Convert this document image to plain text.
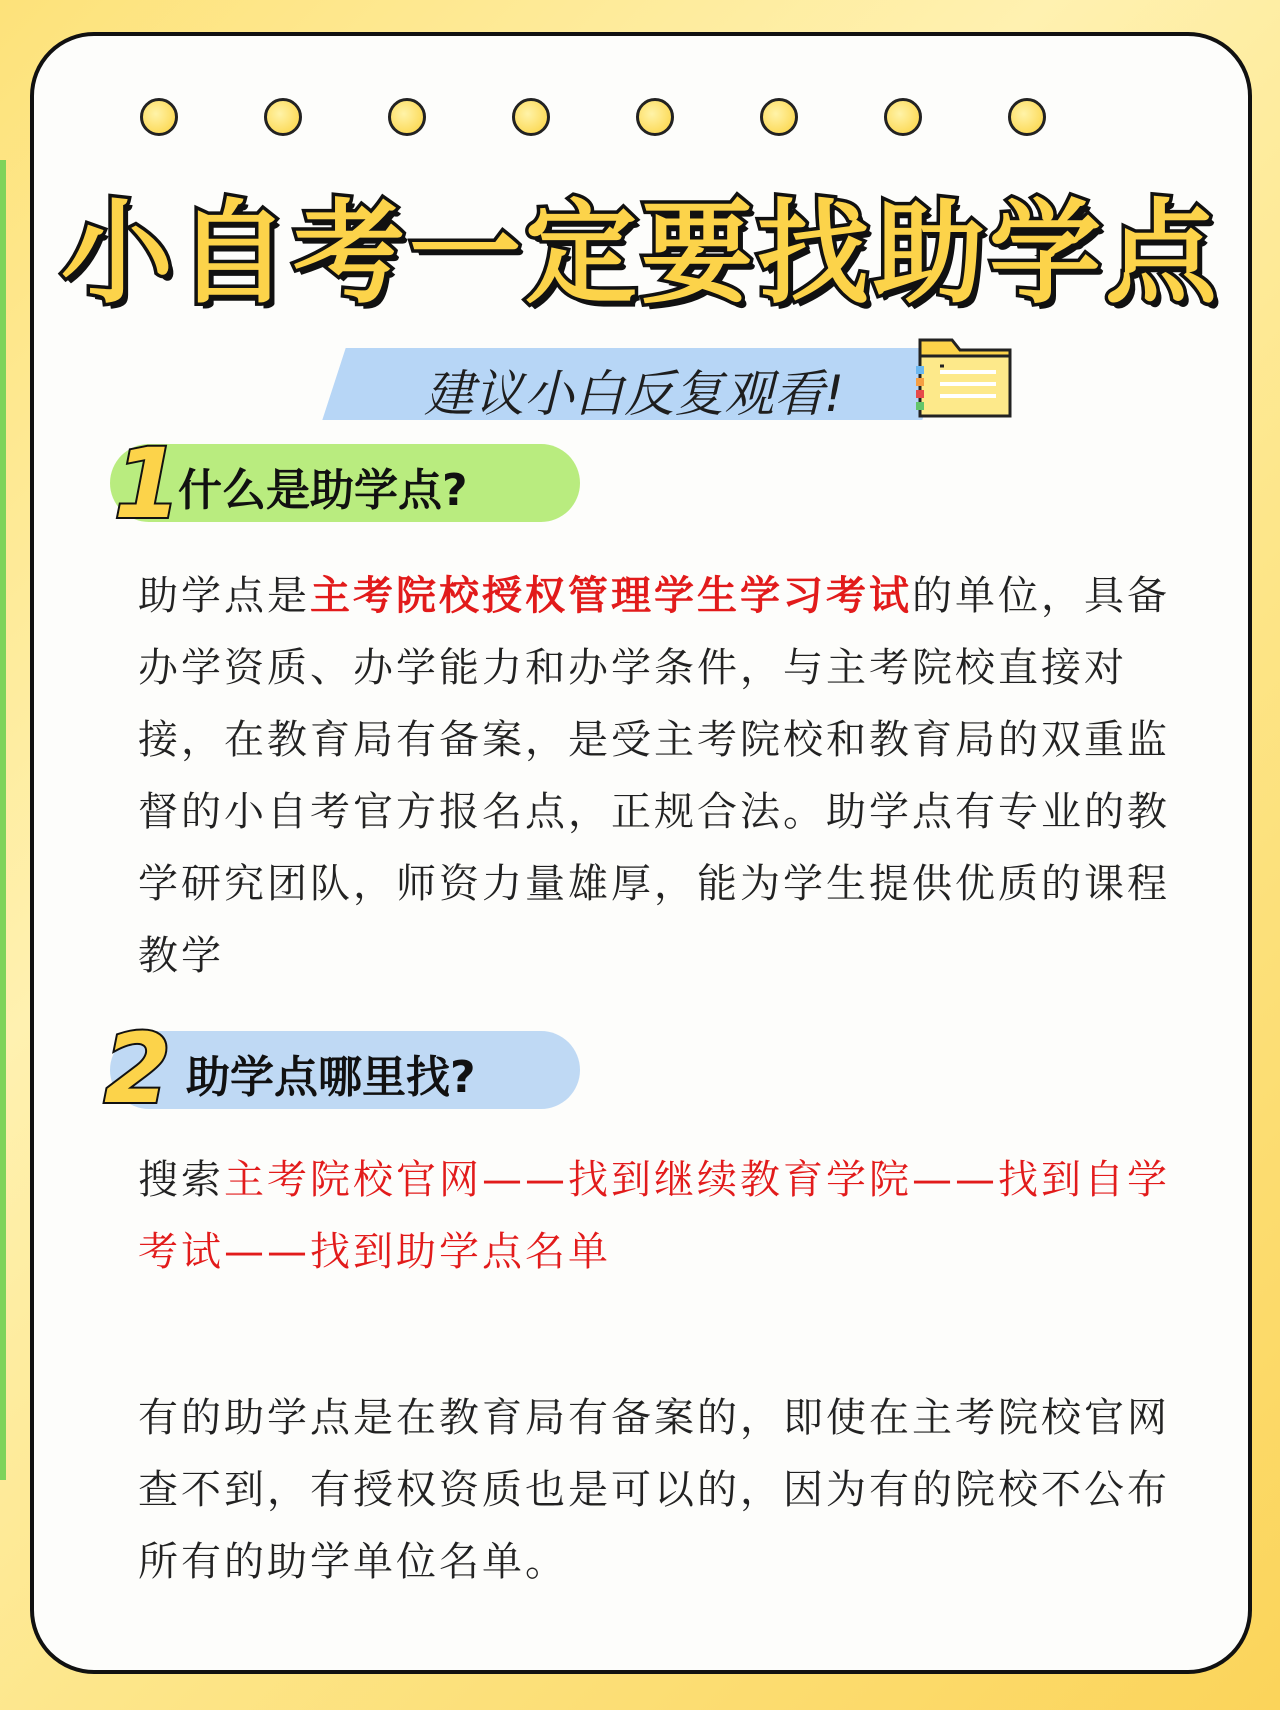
小自考一定要找助学点
建议小白反复观看!
1
什么是助学点?
助学点是主考院校授权管理学生学习考试的单位，具备办学资质、办学能力和办学条件，与主考院校直接对接，在教育局有备案，是受主考院校和教育局的双重监督的小自考官方报名点，正规合法。助学点有专业的教学研究团队，师资力量雄厚，能为学生提供优质的课程教学
2 助学点哪里找?
搜索主考院校官网——找到继续教育学院——找到自学考试——找到助学点名单
有的助学点是在教育局有备案的，即使在主考院校官网查不到，有授权资质也是可以的，因为有的院校不公布所有的助学单位名单。
